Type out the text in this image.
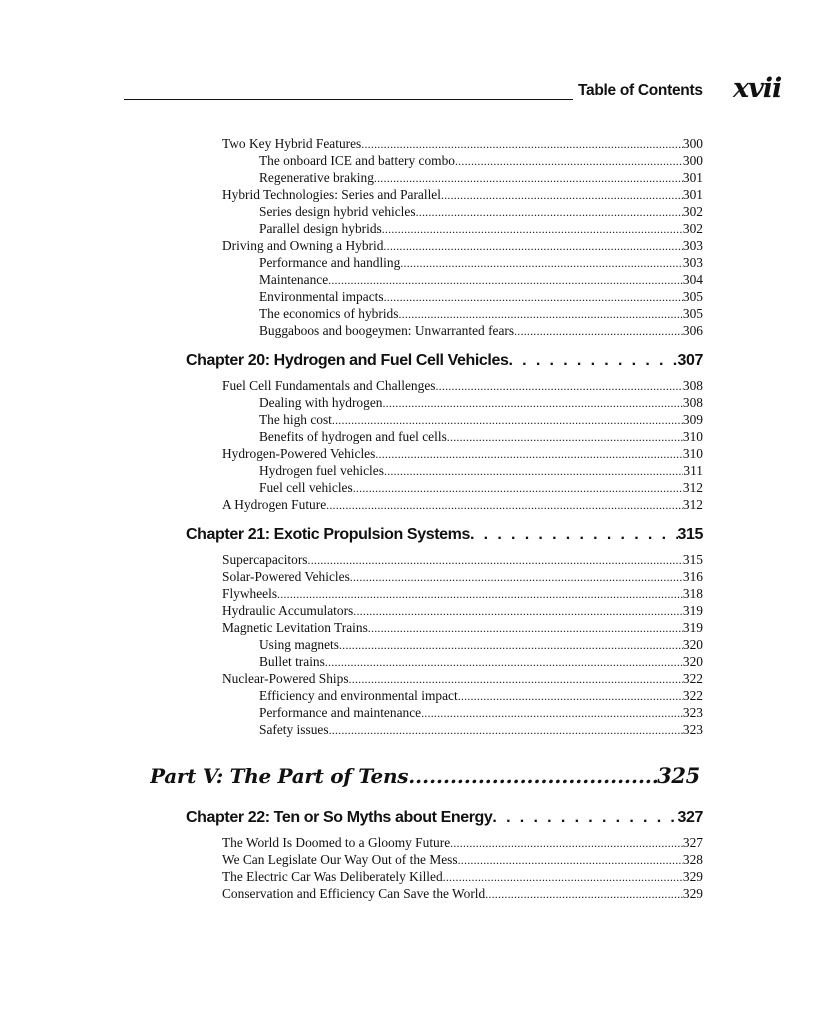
Table of Contents xvii
Two Key Hybrid Features .....	300
The onboard ICE and battery combo .....	300
Regenerative braking .....	301
Hybrid Technologies: Series and Parallel .....	301
Series design hybrid vehicles .....	302
Parallel design hybrids .....	302
Driving and Owning a Hybrid .....	303
Performance and handling .....	303
Maintenance .....	304
Environmental impacts .....	305
The economics of hybrids .....	305
Buggaboos and boogeymen: Unwarranted fears .....	306
Chapter 20: Hydrogen and Fuel Cell Vehicles . . .	307
Fuel Cell Fundamentals and Challenges .....	308
Dealing with hydrogen .....	308
The high cost .....	309
Benefits of hydrogen and fuel cells .....	310
Hydrogen-Powered Vehicles .....	310
Hydrogen fuel vehicles .....	311
Fuel cell vehicles .....	312
A Hydrogen Future .....	312
Chapter 21: Exotic Propulsion Systems . . .	315
Supercapacitors .....	315
Solar-Powered Vehicles .....	316
Flywheels .....	318
Hydraulic Accumulators .....	319
Magnetic Levitation Trains .....	319
Using magnets .....	320
Bullet trains .....	320
Nuclear-Powered Ships .....	322
Efficiency and environmental impact .....	322
Performance and maintenance .....	323
Safety issues .....	323
Part V: The Part of Tens .....	325
Chapter 22: Ten or So Myths about Energy . . .	327
The World Is Doomed to a Gloomy Future .....	327
We Can Legislate Our Way Out of the Mess .....	328
The Electric Car Was Deliberately Killed .....	329
Conservation and Efficiency Can Save the World .....	329
